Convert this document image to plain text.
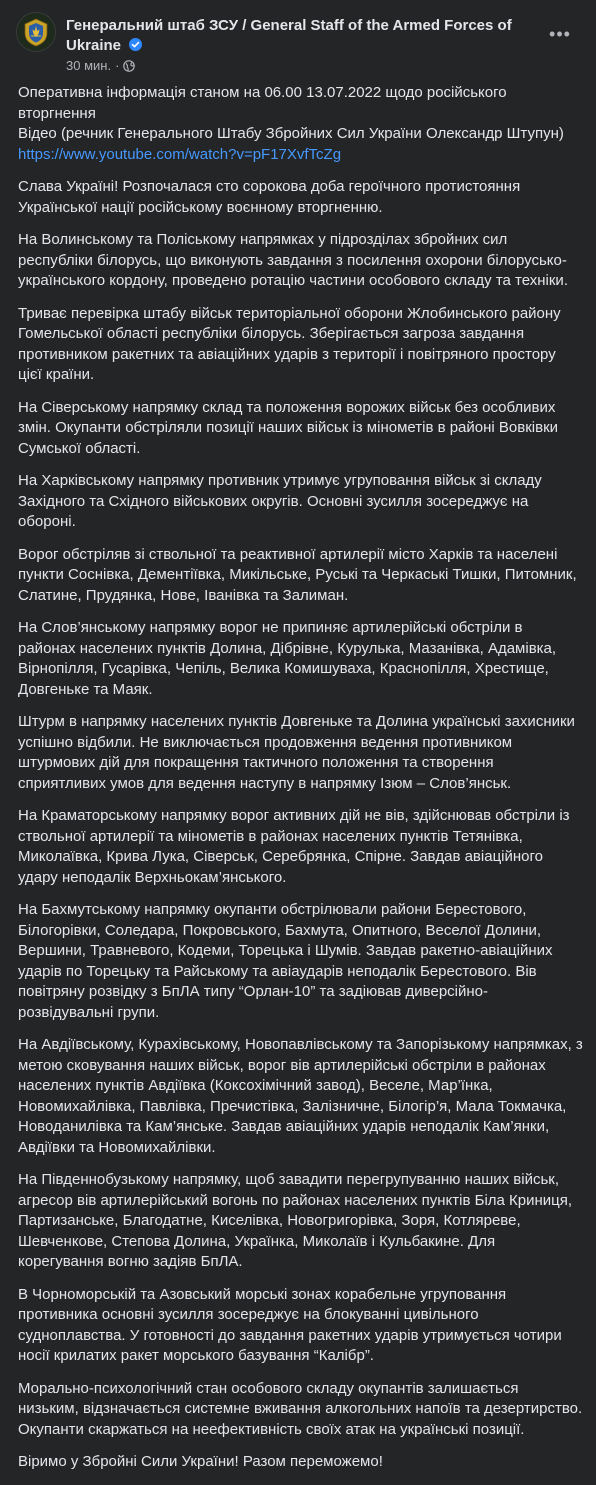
Генеральний штаб ЗСУ / General Staff of the Armed Forces of Ukraine
30 мин. ·
•••

Оперативна інформація станом на 06.00 13.07.2022 щодо російського вторгнення
Відео (речник Генерального Штабу Збройних Сил України Олександр Штупун)
https://www.youtube.com/watch?v=pF17XvfTcZg

Слава Україні! Розпочалася сто сорокова доба героїчного протистояння Української нації російському воєнному вторгненню.

На Волинському та Поліському напрямках у підрозділах збройних сил республіки білорусь, що виконують завдання з посилення охорони білорусько-українського кордону, проведено ротацію частини особового складу та техніки.

Триває перевірка штабу військ територіальної оборони Жлобинського району Гомельської області республіки білорусь. Зберігається загроза завдання противником ракетних та авіаційних ударів з території і повітряного простору цієї країни.

На Сіверському напрямку склад та положення ворожих військ без особливих змін. Окупанти обстріляли позиції наших військ із мінометів в районі Вовківки Сумської області.

На Харківському напрямку противник утримує угруповання військ зі складу Західного та Східного військових округів. Основні зусилля зосереджує на обороні.

Ворог обстріляв зі ствольної та реактивної артилерії місто Харків та населені пункти Соснівка, Дементіївка, Микільське, Руські та Черкаські Тишки, Питомник, Слатине, Прудянка, Нове, Іванівка та Залиман.

На Слов’янському напрямку ворог не припиняє артилерійські обстріли в районах населених пунктів Долина, Дібрівне, Курулька, Мазанівка, Адамівка, Вірнопілля, Гусарівка, Чепіль, Велика Комишуваха, Краснопілля, Хрестище, Довгеньке та Маяк.

Штурм в напрямку населених пунктів Довгеньке та Долина українські захисники успішно відбили. Не виключається продовження ведення противником штурмових дій для покращення тактичного положення та створення сприятливих умов для ведення наступу в напрямку Ізюм – Слов’янськ.

На Краматорському напрямку ворог активних дій не вів, здійснював обстріли із ствольної артилерії та мінометів в районах населених пунктів Тетянівка, Миколаївка, Крива Лука, Сіверськ, Серебрянка, Спірне. Завдав авіаційного удару неподалік Верхньокам’янського.

На Бахмутському напрямку окупанти обстрілювали райони Берестового, Білогорівки, Соледара, Покровського, Бахмута, Опитного, Веселої Долини, Вершини, Травневого, Кодеми, Торецька і Шумів. Завдав ракетно-авіаційних ударів по Торецьку та Райському та авіаударів неподалік Берестового. Вів повітряну розвідку з БпЛА типу “Орлан-10” та задіював диверсійно-розвідувальні групи.

На Авдіївському, Курахівському, Новопавлівському та Запорізькому напрямках, з метою сковування наших військ, ворог вів артилерійські обстріли в районах населених пунктів Авдіївка (Коксохімічний завод), Веселе, Мар’їнка, Новомихайлівка, Павлівка, Пречистівка, Залізничне, Білогір’я, Мала Токмачка, Новоданилівка та Кам’янське. Завдав авіаційних ударів неподалік Кам’янки, Авдіївки та Новомихайлівки.

На Південнобузькому напрямку, щоб завадити перегрупуванню наших військ, агресор вів артилерійський вогонь по районах населених пунктів Біла Криниця, Партизанське, Благодатне, Киселівка, Новогригорівка, Зоря, Котляреве, Шевченкове, Степова Долина, Українка, Миколаїв і Кульбакине. Для корегування вогню задіяв БпЛА.

В Чорноморській та Азовський морські зонах корабельне угруповання противника основні зусилля зосереджує на блокуванні цивільного судноплавства. У готовності до завдання ракетних ударів утримується чотири носії крилатих ракет морського базування “Калібр”.

Морально-психологічний стан особового складу окупантів залишається низьким, відзначається системне вживання алкогольних напоїв та дезертирство. Окупанти скаржаться на неефективність своїх атак на українські позиції.

Віримо у Збройні Сили України! Разом переможемо!
